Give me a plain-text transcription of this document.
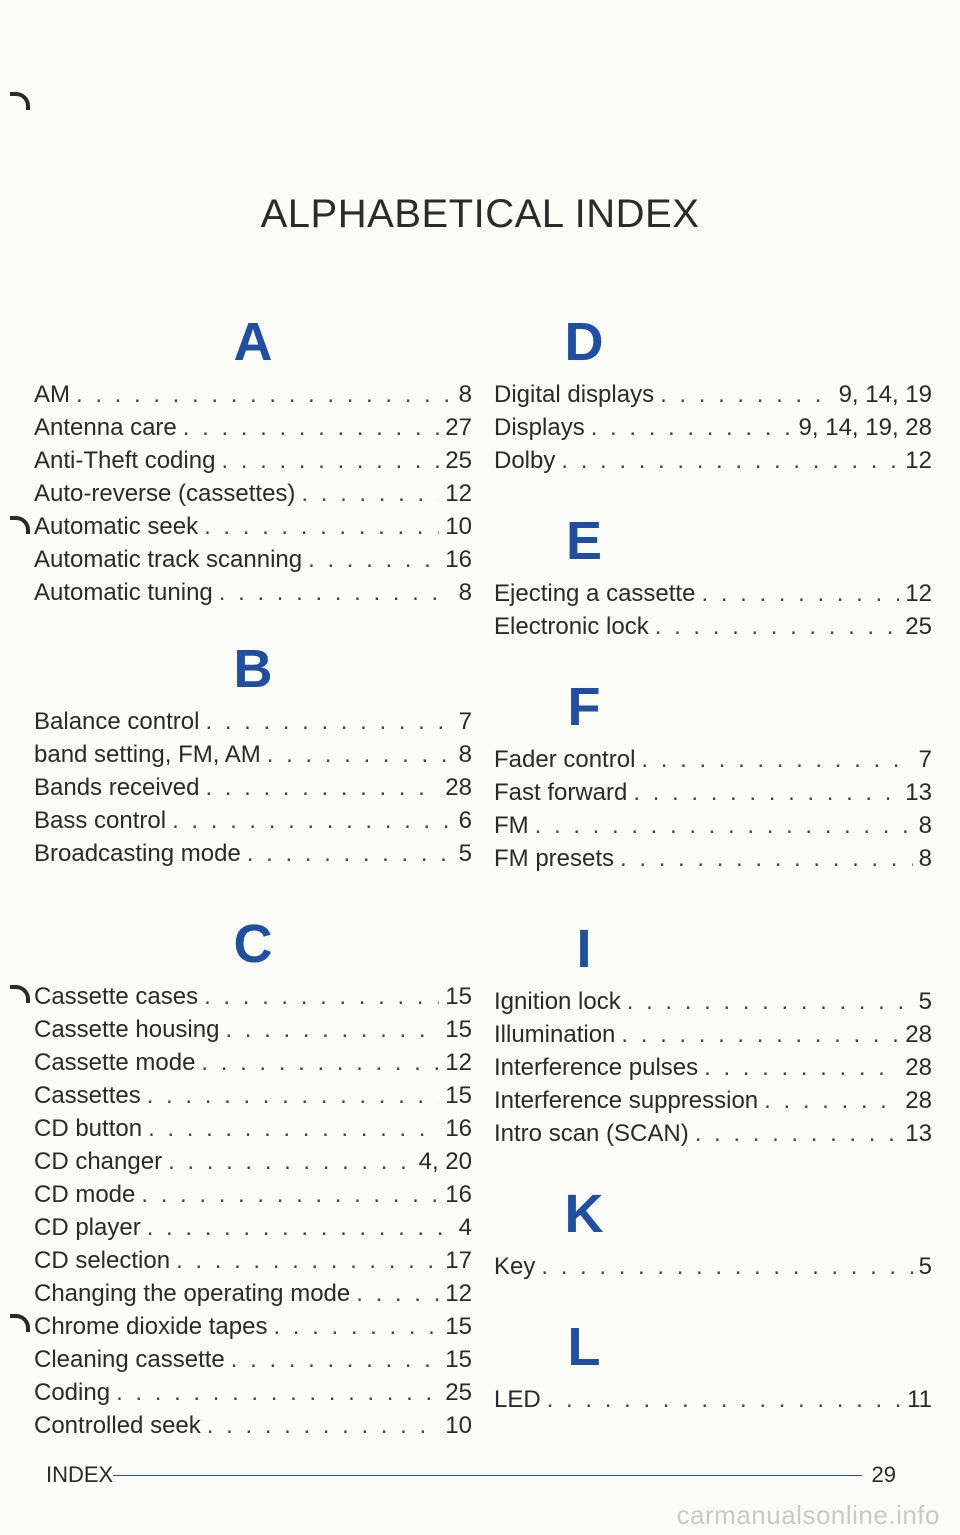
ALPHABETICAL INDEX
A
AM . . .	8
Antenna care . . .	27
Anti-Theft coding . . .	25
Auto-reverse (cassettes) . . .	12
Automatic seek . . .	10
Automatic track scanning . . .	16
Automatic tuning . . .	8
B
Balance control . . .	7
band setting, FM, AM . . .	8
Bands received . . .	28
Bass control . . .	6
Broadcasting mode . . .	5
C
Cassette cases . . .	15
Cassette housing . . .	15
Cassette mode . . .	12
Cassettes . . .	15
CD button . . .	16
CD changer . . .	4, 20
CD mode . . .	16
CD player . . .	4
CD selection . . .	17
Changing the operating mode . . .	12
Chrome dioxide tapes . . .	15
Cleaning cassette . . .	15
Coding . . .	25
Controlled seek . . .	10
D
Digital displays . . .	9, 14, 19
Displays . . .	9, 14, 19, 28
Dolby . . .	12
E
Ejecting a cassette . . .	12
Electronic lock . . .	25
F
Fader control . . .	7
Fast forward . . .	13
FM . . .	8
FM presets . . .	8
I
Ignition lock . . .	5
Illumination . . .	28
Interference pulses . . .	28
Interference suppression . . .	28
Intro scan (SCAN) . . .	13
K
Key . . .	5
L
LED . . .	11
INDEX	29
carmanualsonline.info
